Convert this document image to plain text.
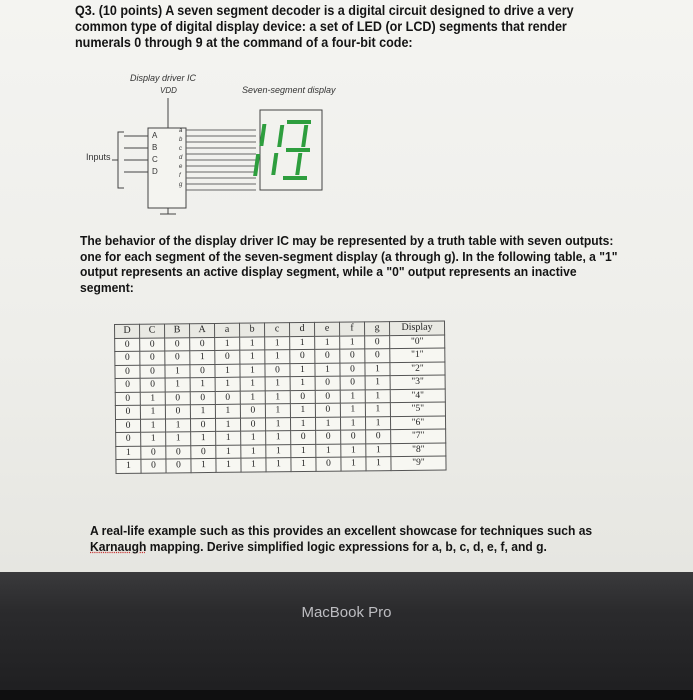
Q3. (10 points) A seven segment decoder is a digital circuit designed to drive a very common type of digital display device: a set of LED (or LCD) segments that render numerals 0 through 9 at the command of a four-bit code:

Display driver IC
VDD	Seven-segment display
Inputs
A
B
C
D
a
b
c
d
e
f
g

The behavior of the display driver IC may be represented by a truth table with seven outputs: one for each segment of the seven-segment display (a through g). In the following table, a "1" output represents an active display segment, while a "0" output represents an inactive segment:

D	C	B	A	a	b	c	d	e	f	g	Display
0	0	0	0	1	1	1	1	1	1	0	"0"
0	0	0	1	0	1	1	0	0	0	0	"1"
0	0	1	0	1	1	0	1	1	0	1	"2"
0	0	1	1	1	1	1	1	0	0	1	"3"
0	1	0	0	0	1	1	0	0	1	1	"4"
0	1	0	1	1	0	1	1	0	1	1	"5"
0	1	1	0	1	0	1	1	1	1	1	"6"
0	1	1	1	1	1	1	0	0	0	0	"7"
1	0	0	0	1	1	1	1	1	1	1	"8"
1	0	0	1	1	1	1	1	0	1	1	"9"

A real-life example such as this provides an excellent showcase for techniques such as Karnaugh mapping. Derive simplified logic expressions for a, b, c, d, e, f, and g.

MacBook Pro
